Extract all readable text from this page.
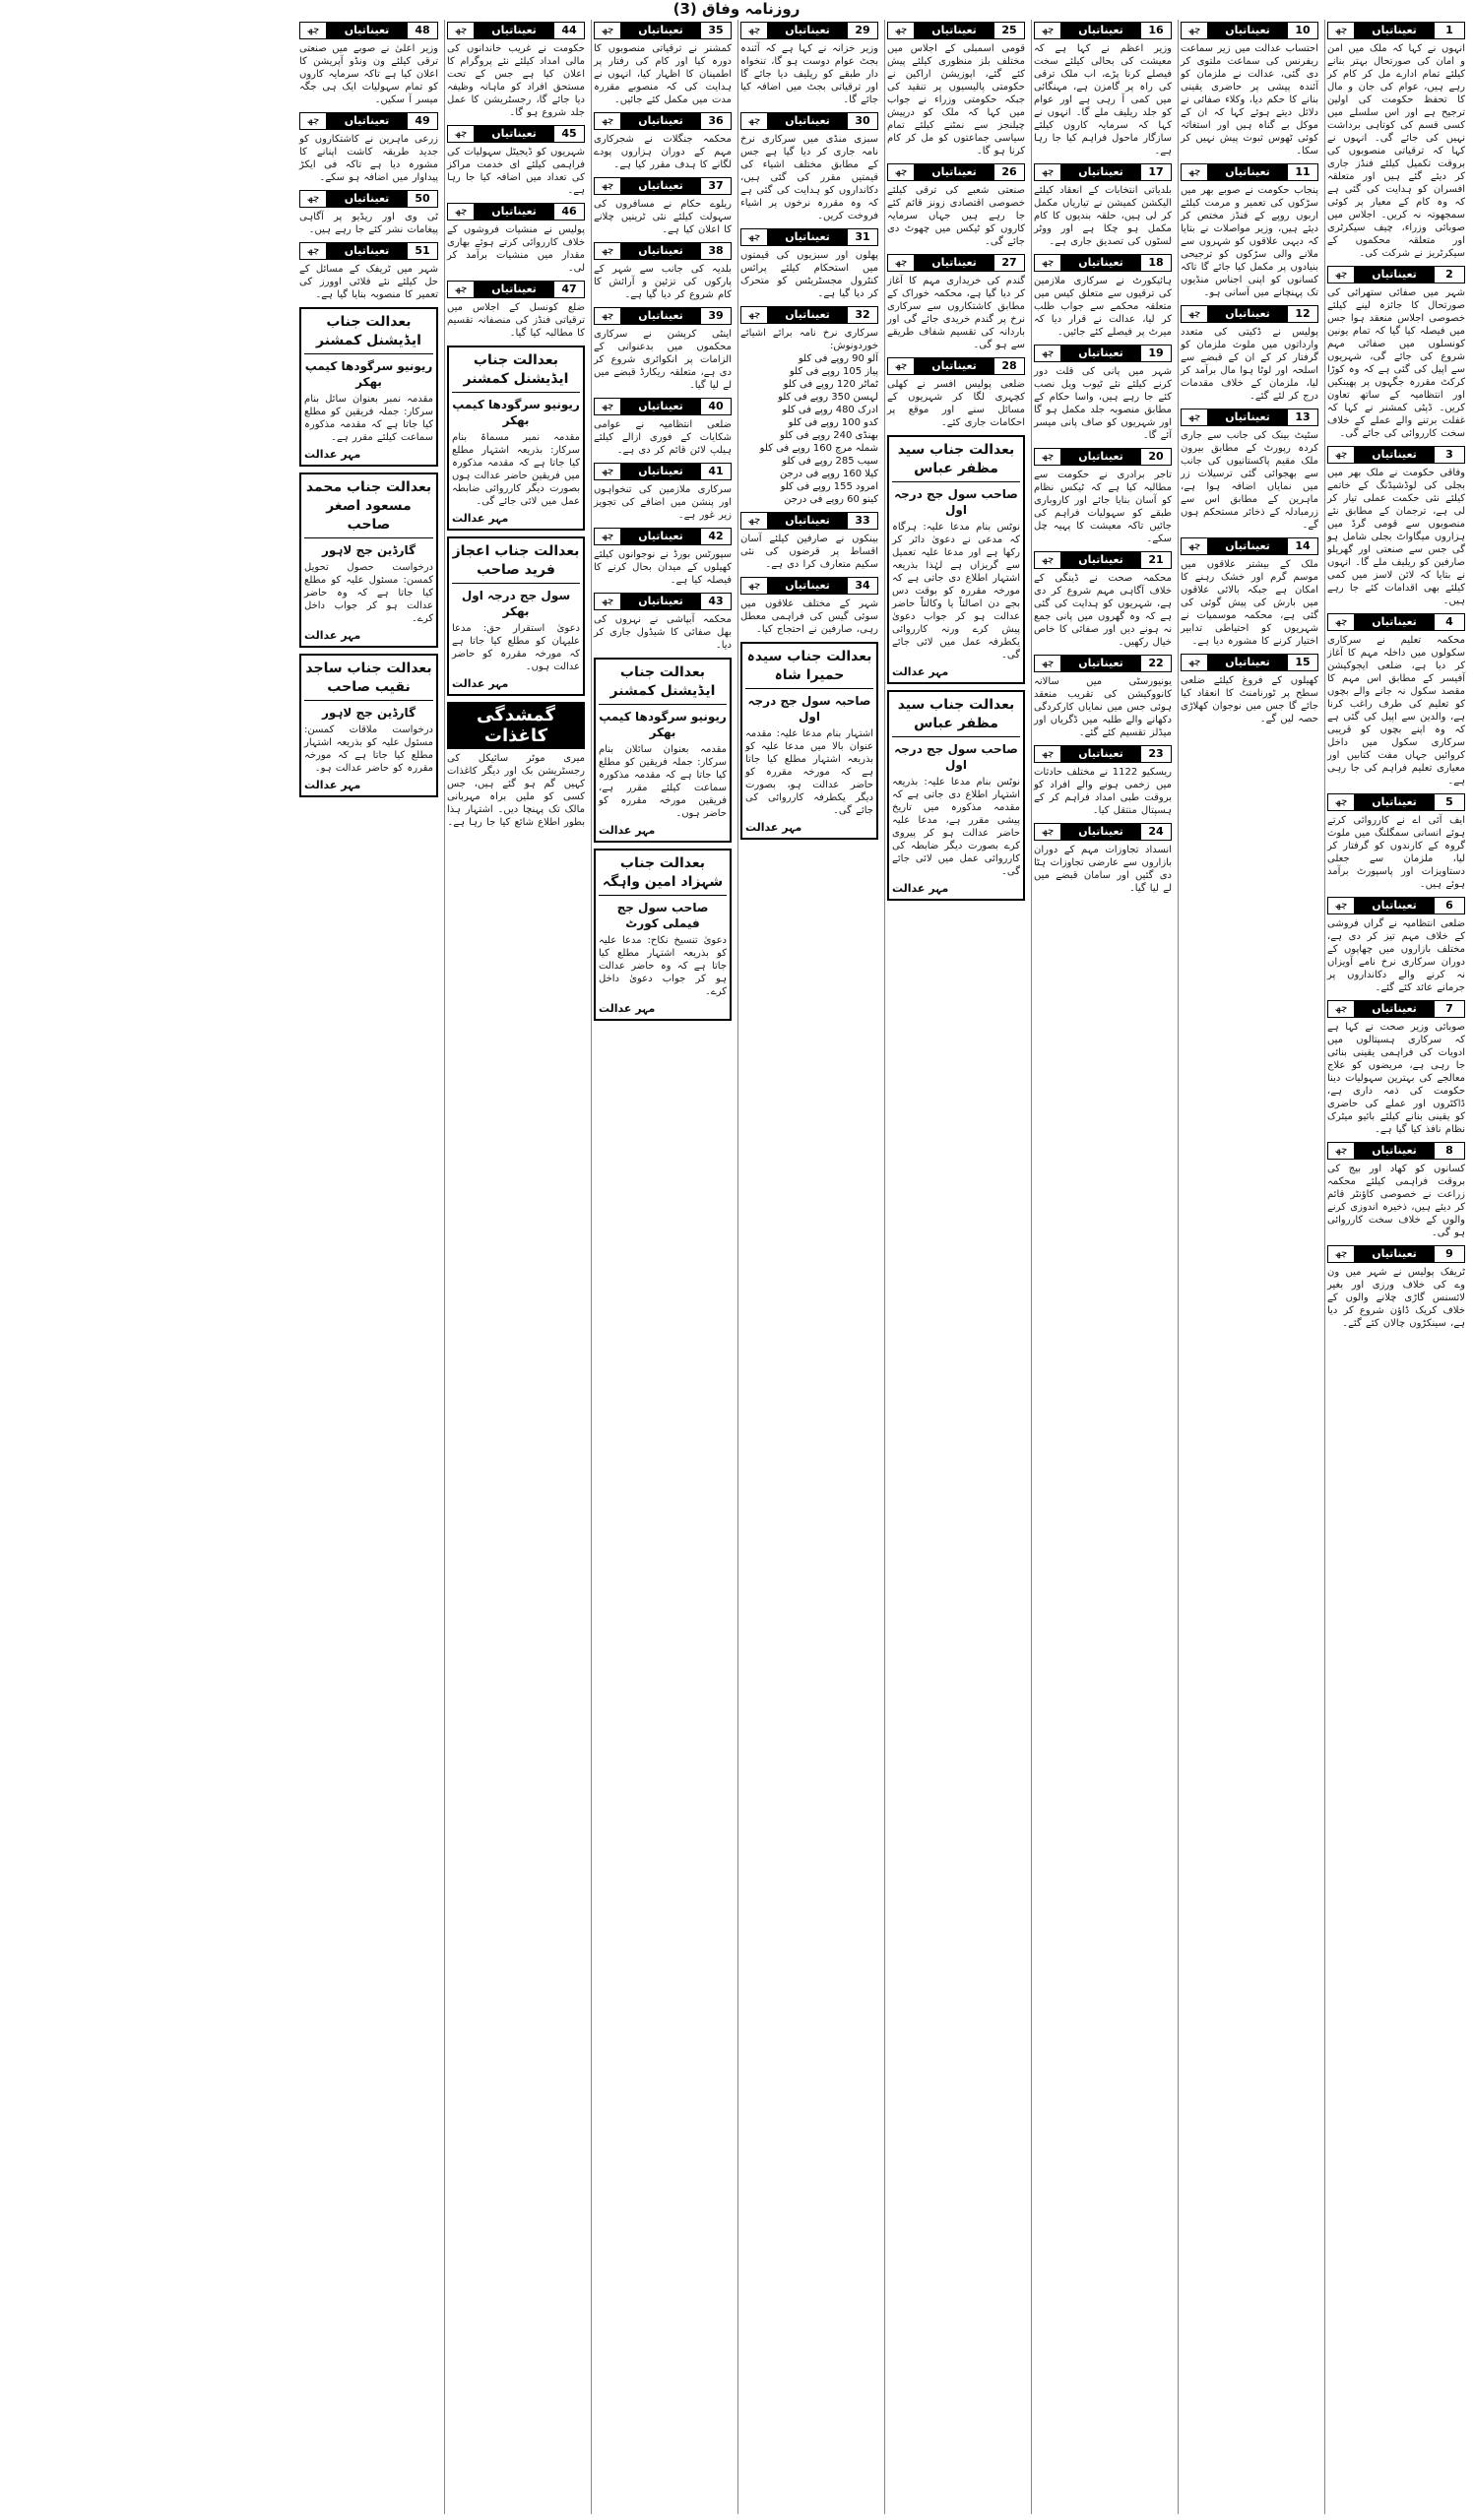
روزنامہ وفاق (3)
1
تعیناتیاں
چھ

انہوں نے کہا کہ ملک میں امن و امان کی صورتحال بہتر بنانے کیلئے تمام ادارے مل کر کام کر رہے ہیں، عوام کی جان و مال کا تحفظ حکومت کی اولین ترجیح ہے اور اس سلسلے میں کسی قسم کی کوتاہی برداشت نہیں کی جائے گی۔ انہوں نے کہا کہ ترقیاتی منصوبوں کی بروقت تکمیل کیلئے فنڈز جاری کر دیئے گئے ہیں اور متعلقہ افسران کو ہدایت کی گئی ہے کہ وہ کام کے معیار پر کوئی سمجھوتہ نہ کریں۔ اجلاس میں صوبائی وزراء، چیف سیکرٹری اور متعلقہ محکموں کے سیکرٹریز نے شرکت کی۔

2
تعیناتیاں
چھ

شہر میں صفائی ستھرائی کی صورتحال کا جائزہ لینے کیلئے خصوصی اجلاس منعقد ہوا جس میں فیصلہ کیا گیا کہ تمام یونین کونسلوں میں صفائی مہم شروع کی جائے گی، شہریوں سے اپیل کی گئی ہے کہ وہ کوڑا کرکٹ مقررہ جگہوں پر پھینکیں اور انتظامیہ کے ساتھ تعاون کریں۔ ڈپٹی کمشنر نے کہا کہ غفلت برتنے والے عملے کے خلاف سخت کارروائی کی جائے گی۔

3
تعیناتیاں
چھ

وفاقی حکومت نے ملک بھر میں بجلی کی لوڈشیڈنگ کے خاتمے کیلئے نئی حکمت عملی تیار کر لی ہے، ترجمان کے مطابق نئے منصوبوں سے قومی گرڈ میں ہزاروں میگاواٹ بجلی شامل ہو گی جس سے صنعتی اور گھریلو صارفین کو ریلیف ملے گا۔ انہوں نے بتایا کہ لائن لاسز میں کمی کیلئے بھی اقدامات کئے جا رہے ہیں۔

4
تعیناتیاں
چھ

محکمہ تعلیم نے سرکاری سکولوں میں داخلہ مہم کا آغاز کر دیا ہے، ضلعی ایجوکیشن آفیسر کے مطابق اس مہم کا مقصد سکول نہ جانے والے بچوں کو تعلیم کی طرف راغب کرنا ہے، والدین سے اپیل کی گئی ہے کہ وہ اپنے بچوں کو قریبی سرکاری سکول میں داخل کروائیں جہاں مفت کتابیں اور معیاری تعلیم فراہم کی جا رہی ہے۔

5
تعیناتیاں
چھ

ایف آئی اے نے کارروائی کرتے ہوئے انسانی سمگلنگ میں ملوث گروہ کے کارندوں کو گرفتار کر لیا، ملزمان سے جعلی دستاویزات اور پاسپورٹ برآمد ہوئے ہیں۔

6
تعیناتیاں
چھ

ضلعی انتظامیہ نے گراں فروشی کے خلاف مہم تیز کر دی ہے، مختلف بازاروں میں چھاپوں کے دوران سرکاری نرخ نامے آویزاں نہ کرنے والے دکانداروں پر جرمانے عائد کئے گئے۔

7
تعیناتیاں
چھ

صوبائی وزیر صحت نے کہا ہے کہ سرکاری ہسپتالوں میں ادویات کی فراہمی یقینی بنائی جا رہی ہے، مریضوں کو علاج معالجے کی بہترین سہولیات دینا حکومت کی ذمہ داری ہے، ڈاکٹروں اور عملے کی حاضری کو یقینی بنانے کیلئے بائیو میٹرک نظام نافذ کیا گیا ہے۔

8
تعیناتیاں
چھ

کسانوں کو کھاد اور بیج کی بروقت فراہمی کیلئے محکمہ زراعت نے خصوصی کاؤنٹر قائم کر دیئے ہیں، ذخیرہ اندوزی کرنے والوں کے خلاف سخت کارروائی ہو گی۔

9
تعیناتیاں
چھ

ٹریفک پولیس نے شہر میں ون وے کی خلاف ورزی اور بغیر لائسنس گاڑی چلانے والوں کے خلاف کریک ڈاؤن شروع کر دیا ہے، سینکڑوں چالان کئے گئے۔

10
تعیناتیاں
چھ

احتساب عدالت میں زیر سماعت ریفرنس کی سماعت ملتوی کر دی گئی، عدالت نے ملزمان کو آئندہ پیشی پر حاضری یقینی بنانے کا حکم دیا، وکلاء صفائی نے دلائل دیتے ہوئے کہا کہ ان کے موکل بے گناہ ہیں اور استغاثہ کوئی ٹھوس ثبوت پیش نہیں کر سکا۔

11
تعیناتیاں
چھ

پنجاب حکومت نے صوبے بھر میں سڑکوں کی تعمیر و مرمت کیلئے اربوں روپے کے فنڈز مختص کر دیئے ہیں، وزیر مواصلات نے بتایا کہ دیہی علاقوں کو شہروں سے ملانے والی سڑکوں کو ترجیحی بنیادوں پر مکمل کیا جائے گا تاکہ کسانوں کو اپنی اجناس منڈیوں تک پہنچانے میں آسانی ہو۔

12
تعیناتیاں
چھ

پولیس نے ڈکیتی کی متعدد وارداتوں میں ملوث ملزمان کو گرفتار کر کے ان کے قبضے سے اسلحہ اور لوٹا ہوا مال برآمد کر لیا، ملزمان کے خلاف مقدمات درج کر لئے گئے۔

13
تعیناتیاں
چھ

سٹیٹ بینک کی جانب سے جاری کردہ رپورٹ کے مطابق بیرون ملک مقیم پاکستانیوں کی جانب سے بھجوائی گئی ترسیلات زر میں نمایاں اضافہ ہوا ہے، ماہرین کے مطابق اس سے زرمبادلہ کے ذخائر مستحکم ہوں گے۔

14
تعیناتیاں
چھ

ملک کے بیشتر علاقوں میں موسم گرم اور خشک رہنے کا امکان ہے جبکہ بالائی علاقوں میں بارش کی پیش گوئی کی گئی ہے، محکمہ موسمیات نے شہریوں کو احتیاطی تدابیر اختیار کرنے کا مشورہ دیا ہے۔

15
تعیناتیاں
چھ

کھیلوں کے فروغ کیلئے ضلعی سطح پر ٹورنامنٹ کا انعقاد کیا جائے گا جس میں نوجوان کھلاڑی حصہ لیں گے۔

16
تعیناتیاں
چھ

وزیر اعظم نے کہا ہے کہ معیشت کی بحالی کیلئے سخت فیصلے کرنا پڑے، اب ملک ترقی کی راہ پر گامزن ہے، مہنگائی میں کمی آ رہی ہے اور عوام کو جلد ریلیف ملے گا۔ انہوں نے کہا کہ سرمایہ کاروں کیلئے سازگار ماحول فراہم کیا جا رہا ہے۔

17
تعیناتیاں
چھ

بلدیاتی انتخابات کے انعقاد کیلئے الیکشن کمیشن نے تیاریاں مکمل کر لی ہیں، حلقہ بندیوں کا کام مکمل ہو چکا ہے اور ووٹر لسٹوں کی تصدیق جاری ہے۔

18
تعیناتیاں
چھ

ہائیکورٹ نے سرکاری ملازمین کی ترقیوں سے متعلق کیس میں متعلقہ محکمے سے جواب طلب کر لیا، عدالت نے قرار دیا کہ میرٹ پر فیصلے کئے جائیں۔

19
تعیناتیاں
چھ

شہر میں پانی کی قلت دور کرنے کیلئے نئے ٹیوب ویل نصب کئے جا رہے ہیں، واسا حکام کے مطابق منصوبہ جلد مکمل ہو گا اور شہریوں کو صاف پانی میسر آئے گا۔

20
تعیناتیاں
چھ

تاجر برادری نے حکومت سے مطالبہ کیا ہے کہ ٹیکس نظام کو آسان بنایا جائے اور کاروباری طبقے کو سہولیات فراہم کی جائیں تاکہ معیشت کا پہیہ چل سکے۔

21
تعیناتیاں
چھ

محکمہ صحت نے ڈینگی کے خلاف آگاہی مہم شروع کر دی ہے، شہریوں کو ہدایت کی گئی ہے کہ وہ گھروں میں پانی جمع نہ ہونے دیں اور صفائی کا خاص خیال رکھیں۔

22
تعیناتیاں
چھ

یونیورسٹی میں سالانہ کانووکیشن کی تقریب منعقد ہوئی جس میں نمایاں کارکردگی دکھانے والے طلبہ میں ڈگریاں اور میڈلز تقسیم کئے گئے۔

23
تعیناتیاں
چھ

ریسکیو 1122 نے مختلف حادثات میں زخمی ہونے والے افراد کو بروقت طبی امداد فراہم کر کے ہسپتال منتقل کیا۔

24
تعیناتیاں
چھ

انسداد تجاوزات مہم کے دوران بازاروں سے عارضی تجاوزات ہٹا دی گئیں اور سامان قبضے میں لے لیا گیا۔

25
تعیناتیاں
چھ

قومی اسمبلی کے اجلاس میں مختلف بلز منظوری کیلئے پیش کئے گئے، اپوزیشن اراکین نے حکومتی پالیسیوں پر تنقید کی جبکہ حکومتی وزراء نے جواب میں کہا کہ ملک کو درپیش چیلنجز سے نمٹنے کیلئے تمام سیاسی جماعتوں کو مل کر کام کرنا ہو گا۔

26
تعیناتیاں
چھ

صنعتی شعبے کی ترقی کیلئے خصوصی اقتصادی زونز قائم کئے جا رہے ہیں جہاں سرمایہ کاروں کو ٹیکس میں چھوٹ دی جائے گی۔

27
تعیناتیاں
چھ

گندم کی خریداری مہم کا آغاز کر دیا گیا ہے، محکمہ خوراک کے مطابق کاشتکاروں سے سرکاری نرخ پر گندم خریدی جائے گی اور باردانہ کی تقسیم شفاف طریقے سے ہو گی۔

28
تعیناتیاں
چھ

ضلعی پولیس افسر نے کھلی کچہری لگا کر شہریوں کے مسائل سنے اور موقع پر احکامات جاری کئے۔

بعدالت جناب سید مظفر عباس
صاحب سول جج درجہ اول

نوٹس بنام مدعا علیہ: ہرگاہ کہ مدعی نے دعویٰ دائر کر رکھا ہے اور مدعا علیہ تعمیل سے گریزاں ہے لہٰذا بذریعہ اشتہار اطلاع دی جاتی ہے کہ مورخہ مقررہ کو بوقت دس بجے دن اصالتاً یا وکالتاً حاضر عدالت ہو کر جواب دعویٰ پیش کرے ورنہ کارروائی یکطرفہ عمل میں لائی جائے گی۔

مہر عدالت
بعدالت جناب سید مظفر عباس
صاحب سول جج درجہ اول

نوٹس بنام مدعا علیہ: بذریعہ اشتہار اطلاع دی جاتی ہے کہ مقدمہ مذکورہ میں تاریخ پیشی مقرر ہے، مدعا علیہ حاضر عدالت ہو کر پیروی کرے بصورت دیگر ضابطہ کی کارروائی عمل میں لائی جائے گی۔

مہر عدالت
29
تعیناتیاں
چھ

وزیر خزانہ نے کہا ہے کہ آئندہ بجٹ عوام دوست ہو گا، تنخواہ دار طبقے کو ریلیف دیا جائے گا اور ترقیاتی بجٹ میں اضافہ کیا جائے گا۔

30
تعیناتیاں
چھ

سبزی منڈی میں سرکاری نرخ نامہ جاری کر دیا گیا ہے جس کے مطابق مختلف اشیاء کی قیمتیں مقرر کی گئی ہیں، دکانداروں کو ہدایت کی گئی ہے کہ وہ مقررہ نرخوں پر اشیاء فروخت کریں۔

31
تعیناتیاں
چھ

پھلوں اور سبزیوں کی قیمتوں میں استحکام کیلئے پرائس کنٹرول مجسٹریٹس کو متحرک کر دیا گیا ہے۔

32
تعیناتیاں
چھ

سرکاری نرخ نامہ برائے اشیائے خوردونوش:

آلو 90 روپے فی کلو

پیاز 105 روپے فی کلو

ٹماٹر 120 روپے فی کلو

لہسن 350 روپے فی کلو

ادرک 480 روپے فی کلو

کدو 100 روپے فی کلو

بھنڈی 240 روپے فی کلو

شملہ مرچ 160 روپے فی کلو

سیب 285 روپے فی کلو

کیلا 160 روپے فی درجن

امرود 155 روپے فی کلو

کینو 60 روپے فی درجن

33
تعیناتیاں
چھ

بینکوں نے صارفین کیلئے آسان اقساط پر قرضوں کی نئی سکیم متعارف کرا دی ہے۔

34
تعیناتیاں
چھ

شہر کے مختلف علاقوں میں سوئی گیس کی فراہمی معطل رہی، صارفین نے احتجاج کیا۔

بعدالت جناب سیدہ حمیرا شاہ
صاحبہ سول جج درجہ اول

اشتہار بنام مدعا علیہ: مقدمہ عنوان بالا میں مدعا علیہ کو بذریعہ اشتہار مطلع کیا جاتا ہے کہ مورخہ مقررہ کو حاضر عدالت ہو، بصورت دیگر یکطرفہ کارروائی کی جائے گی۔

مہر عدالت
35
تعیناتیاں
چھ

کمشنر نے ترقیاتی منصوبوں کا دورہ کیا اور کام کی رفتار پر اطمینان کا اظہار کیا، انہوں نے ہدایت کی کہ منصوبے مقررہ مدت میں مکمل کئے جائیں۔

36
تعیناتیاں
چھ

محکمہ جنگلات نے شجرکاری مہم کے دوران ہزاروں پودے لگانے کا ہدف مقرر کیا ہے۔

37
تعیناتیاں
چھ

ریلوے حکام نے مسافروں کی سہولت کیلئے نئی ٹرینیں چلانے کا اعلان کیا ہے۔

38
تعیناتیاں
چھ

بلدیہ کی جانب سے شہر کے پارکوں کی تزئین و آرائش کا کام شروع کر دیا گیا ہے۔

39
تعیناتیاں
چھ

اینٹی کرپشن نے سرکاری محکموں میں بدعنوانی کے الزامات پر انکوائری شروع کر دی ہے، متعلقہ ریکارڈ قبضے میں لے لیا گیا۔

40
تعیناتیاں
چھ

ضلعی انتظامیہ نے عوامی شکایات کے فوری ازالے کیلئے ہیلپ لائن قائم کر دی ہے۔

41
تعیناتیاں
چھ

سرکاری ملازمین کی تنخواہوں اور پنشن میں اضافے کی تجویز زیر غور ہے۔

42
تعیناتیاں
چھ

سپورٹس بورڈ نے نوجوانوں کیلئے کھیلوں کے میدان بحال کرنے کا فیصلہ کیا ہے۔

43
تعیناتیاں
چھ

محکمہ آبپاشی نے نہروں کی بھل صفائی کا شیڈول جاری کر دیا۔

بعدالت جناب ایڈیشنل کمشنر
ریونیو سرگودھا کیمپ بھکر

مقدمہ بعنوان سائلان بنام سرکار: جملہ فریقین کو مطلع کیا جاتا ہے کہ مقدمہ مذکورہ سماعت کیلئے مقرر ہے، فریقین مورخہ مقررہ کو حاضر ہوں۔

مہر عدالت
بعدالت جناب شہزاد امین واہگہ
صاحب سول جج فیملی کورٹ

دعویٰ تنسیخ نکاح: مدعا علیہ کو بذریعہ اشتہار مطلع کیا جاتا ہے کہ وہ حاضر عدالت ہو کر جواب دعویٰ داخل کرے۔

مہر عدالت
44
تعیناتیاں
چھ

حکومت نے غریب خاندانوں کی مالی امداد کیلئے نئے پروگرام کا اعلان کیا ہے جس کے تحت مستحق افراد کو ماہانہ وظیفہ دیا جائے گا، رجسٹریشن کا عمل جلد شروع ہو گا۔

45
تعیناتیاں
چھ

شہریوں کو ڈیجیٹل سہولیات کی فراہمی کیلئے ای خدمت مراکز کی تعداد میں اضافہ کیا جا رہا ہے۔

46
تعیناتیاں
چھ

پولیس نے منشیات فروشوں کے خلاف کارروائی کرتے ہوئے بھاری مقدار میں منشیات برآمد کر لی۔

47
تعیناتیاں
چھ

ضلع کونسل کے اجلاس میں ترقیاتی فنڈز کی منصفانہ تقسیم کا مطالبہ کیا گیا۔

بعدالت جناب ایڈیشنل کمشنر
ریونیو سرگودھا کیمپ بھکر

مقدمہ نمبر مسماۃ بنام سرکار: بذریعہ اشتہار مطلع کیا جاتا ہے کہ مقدمہ مذکورہ میں فریقین حاضر عدالت ہوں بصورت دیگر کارروائی ضابطہ عمل میں لائی جائے گی۔

مہر عدالت
بعدالت جناب اعجاز فرید صاحب
سول جج درجہ اول بھکر

دعویٰ استقرار حق: مدعا علیہان کو مطلع کیا جاتا ہے کہ مورخہ مقررہ کو حاضر عدالت ہوں۔

مہر عدالت
گمشدگی کاغذات

میری موٹر سائیکل کی رجسٹریشن بک اور دیگر کاغذات کہیں گم ہو گئے ہیں، جس کسی کو ملیں براہ مہربانی مالک تک پہنچا دیں۔ اشتہار ہذا بطور اطلاع شائع کیا جا رہا ہے۔

48
تعیناتیاں
چھ

وزیر اعلیٰ نے صوبے میں صنعتی ترقی کیلئے ون ونڈو آپریشن کا اعلان کیا ہے تاکہ سرمایہ کاروں کو تمام سہولیات ایک ہی جگہ میسر آ سکیں۔

49
تعیناتیاں
چھ

زرعی ماہرین نے کاشتکاروں کو جدید طریقہ کاشت اپنانے کا مشورہ دیا ہے تاکہ فی ایکڑ پیداوار میں اضافہ ہو سکے۔

50
تعیناتیاں
چھ

ٹی وی اور ریڈیو پر آگاہی پیغامات نشر کئے جا رہے ہیں۔

51
تعیناتیاں
چھ

شہر میں ٹریفک کے مسائل کے حل کیلئے نئے فلائی اوورز کی تعمیر کا منصوبہ بنایا گیا ہے۔

بعدالت جناب ایڈیشنل کمشنر
ریونیو سرگودھا کیمپ بھکر

مقدمہ نمبر بعنوان سائل بنام سرکار: جملہ فریقین کو مطلع کیا جاتا ہے کہ مقدمہ مذکورہ سماعت کیلئے مقرر ہے۔

مہر عدالت
بعدالت جناب محمد مسعود اصغر صاحب
گارڈین جج لاہور

درخواست حصول تحویل کمسن: مسئول علیہ کو مطلع کیا جاتا ہے کہ وہ حاضر عدالت ہو کر جواب داخل کرے۔

مہر عدالت
بعدالت جناب ساجد نقیب صاحب
گارڈین جج لاہور

درخواست ملاقات کمسن: مسئول علیہ کو بذریعہ اشتہار مطلع کیا جاتا ہے کہ مورخہ مقررہ کو حاضر عدالت ہو۔

مہر عدالت
